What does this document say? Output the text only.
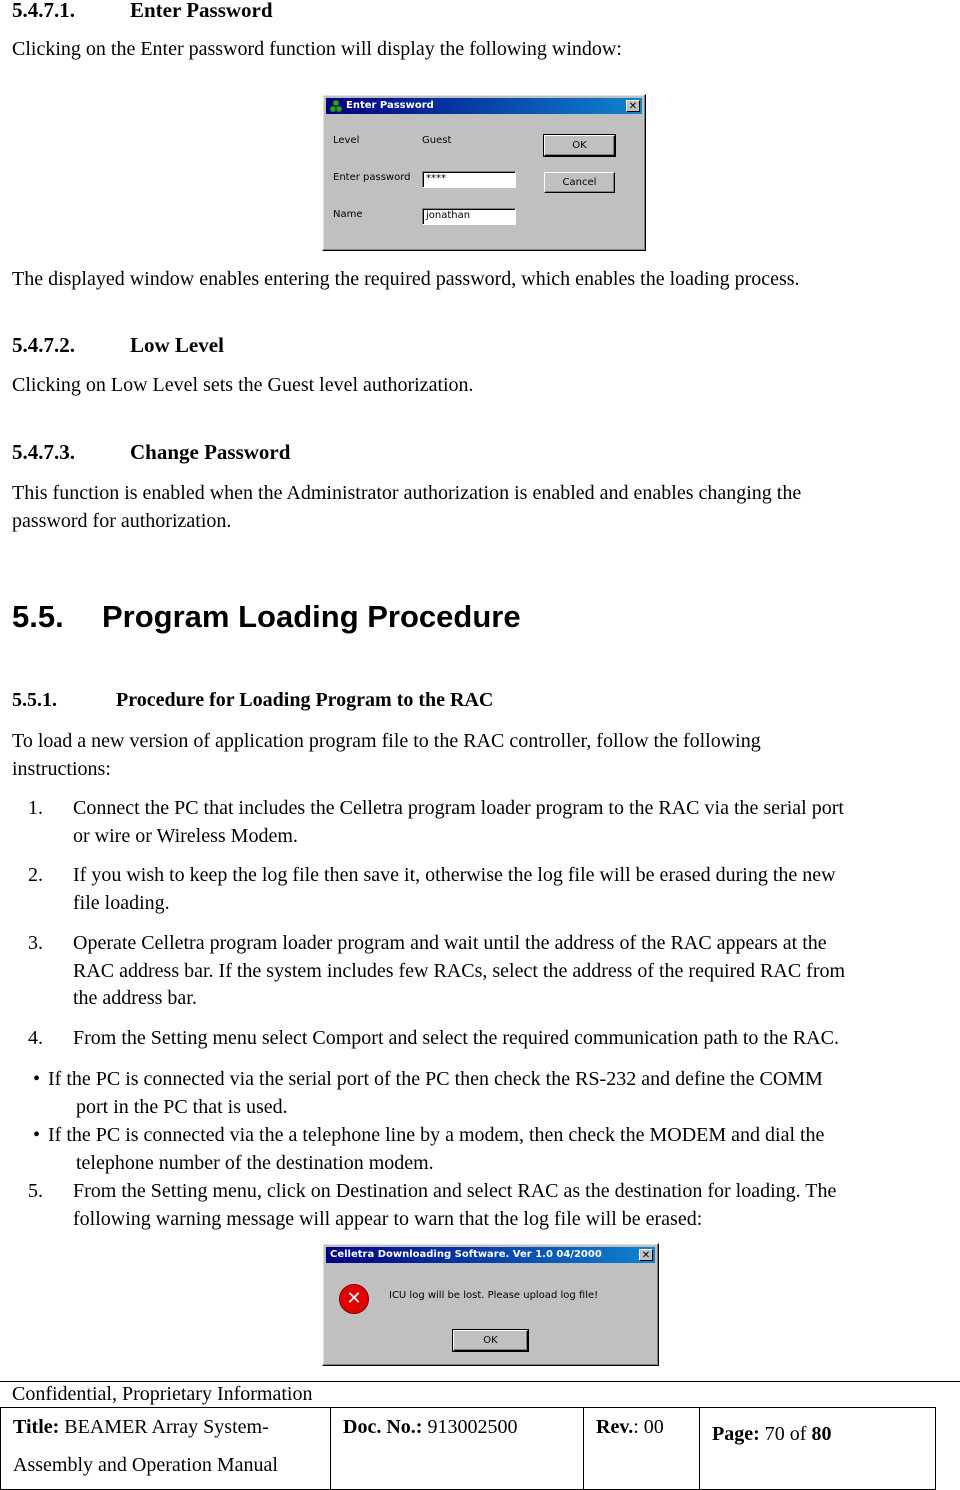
5.4.7.1.	Enter Password

Clicking on the Enter password function will display the following window:

Enter Password	✕
Level	Guest
Enter password	****
Name	jonathan
OK
Cancel

The displayed window enables entering the required password, which enables the loading process.

5.4.7.2.	Low Level

Clicking on Low Level sets the Guest level authorization.

5.4.7.3.	Change Password

This function is enabled when the Administrator authorization is enabled and enables changing the

password for authorization.

5.5. Program Loading Procedure
5.5.1.	Procedure for Loading Program to the RAC

To load a new version of application program file to the RAC controller, follow the following

instructions:

1. Connect the PC that includes the Celletra program loader program to the RAC via the serial port
or wire or Wireless Modem.
2. If you wish to keep the log file then save it, otherwise the log file will be erased during the new
file loading.
3. Operate Celletra program loader program and wait until the address of the RAC appears at the
RAC address bar. If the system includes few RACs, select the address of the required RAC from
the address bar.
4. From the Setting menu select Comport and select the required communication path to the RAC.
• If the PC is connected via the serial port of the PC then check the RS-232 and define the COMM
port in the PC that is used.
• If the PC is connected via the a telephone line by a modem, then check the MODEM and dial the
telephone number of the destination modem.
5. From the Setting menu, click on Destination and select RAC as the destination for loading. The
following warning message will appear to warn that the log file will be erased:
Celletra Downloading Software. Ver 1.0 04/2000	✕
✕	ICU log will be lost. Please upload log file!
OK
Confidential, Proprietary Information
Title: BEAMER Array System-
Assembly and Operation Manual	Doc. No.: 913002500	Rev.: 00	Page: 70 of 80
